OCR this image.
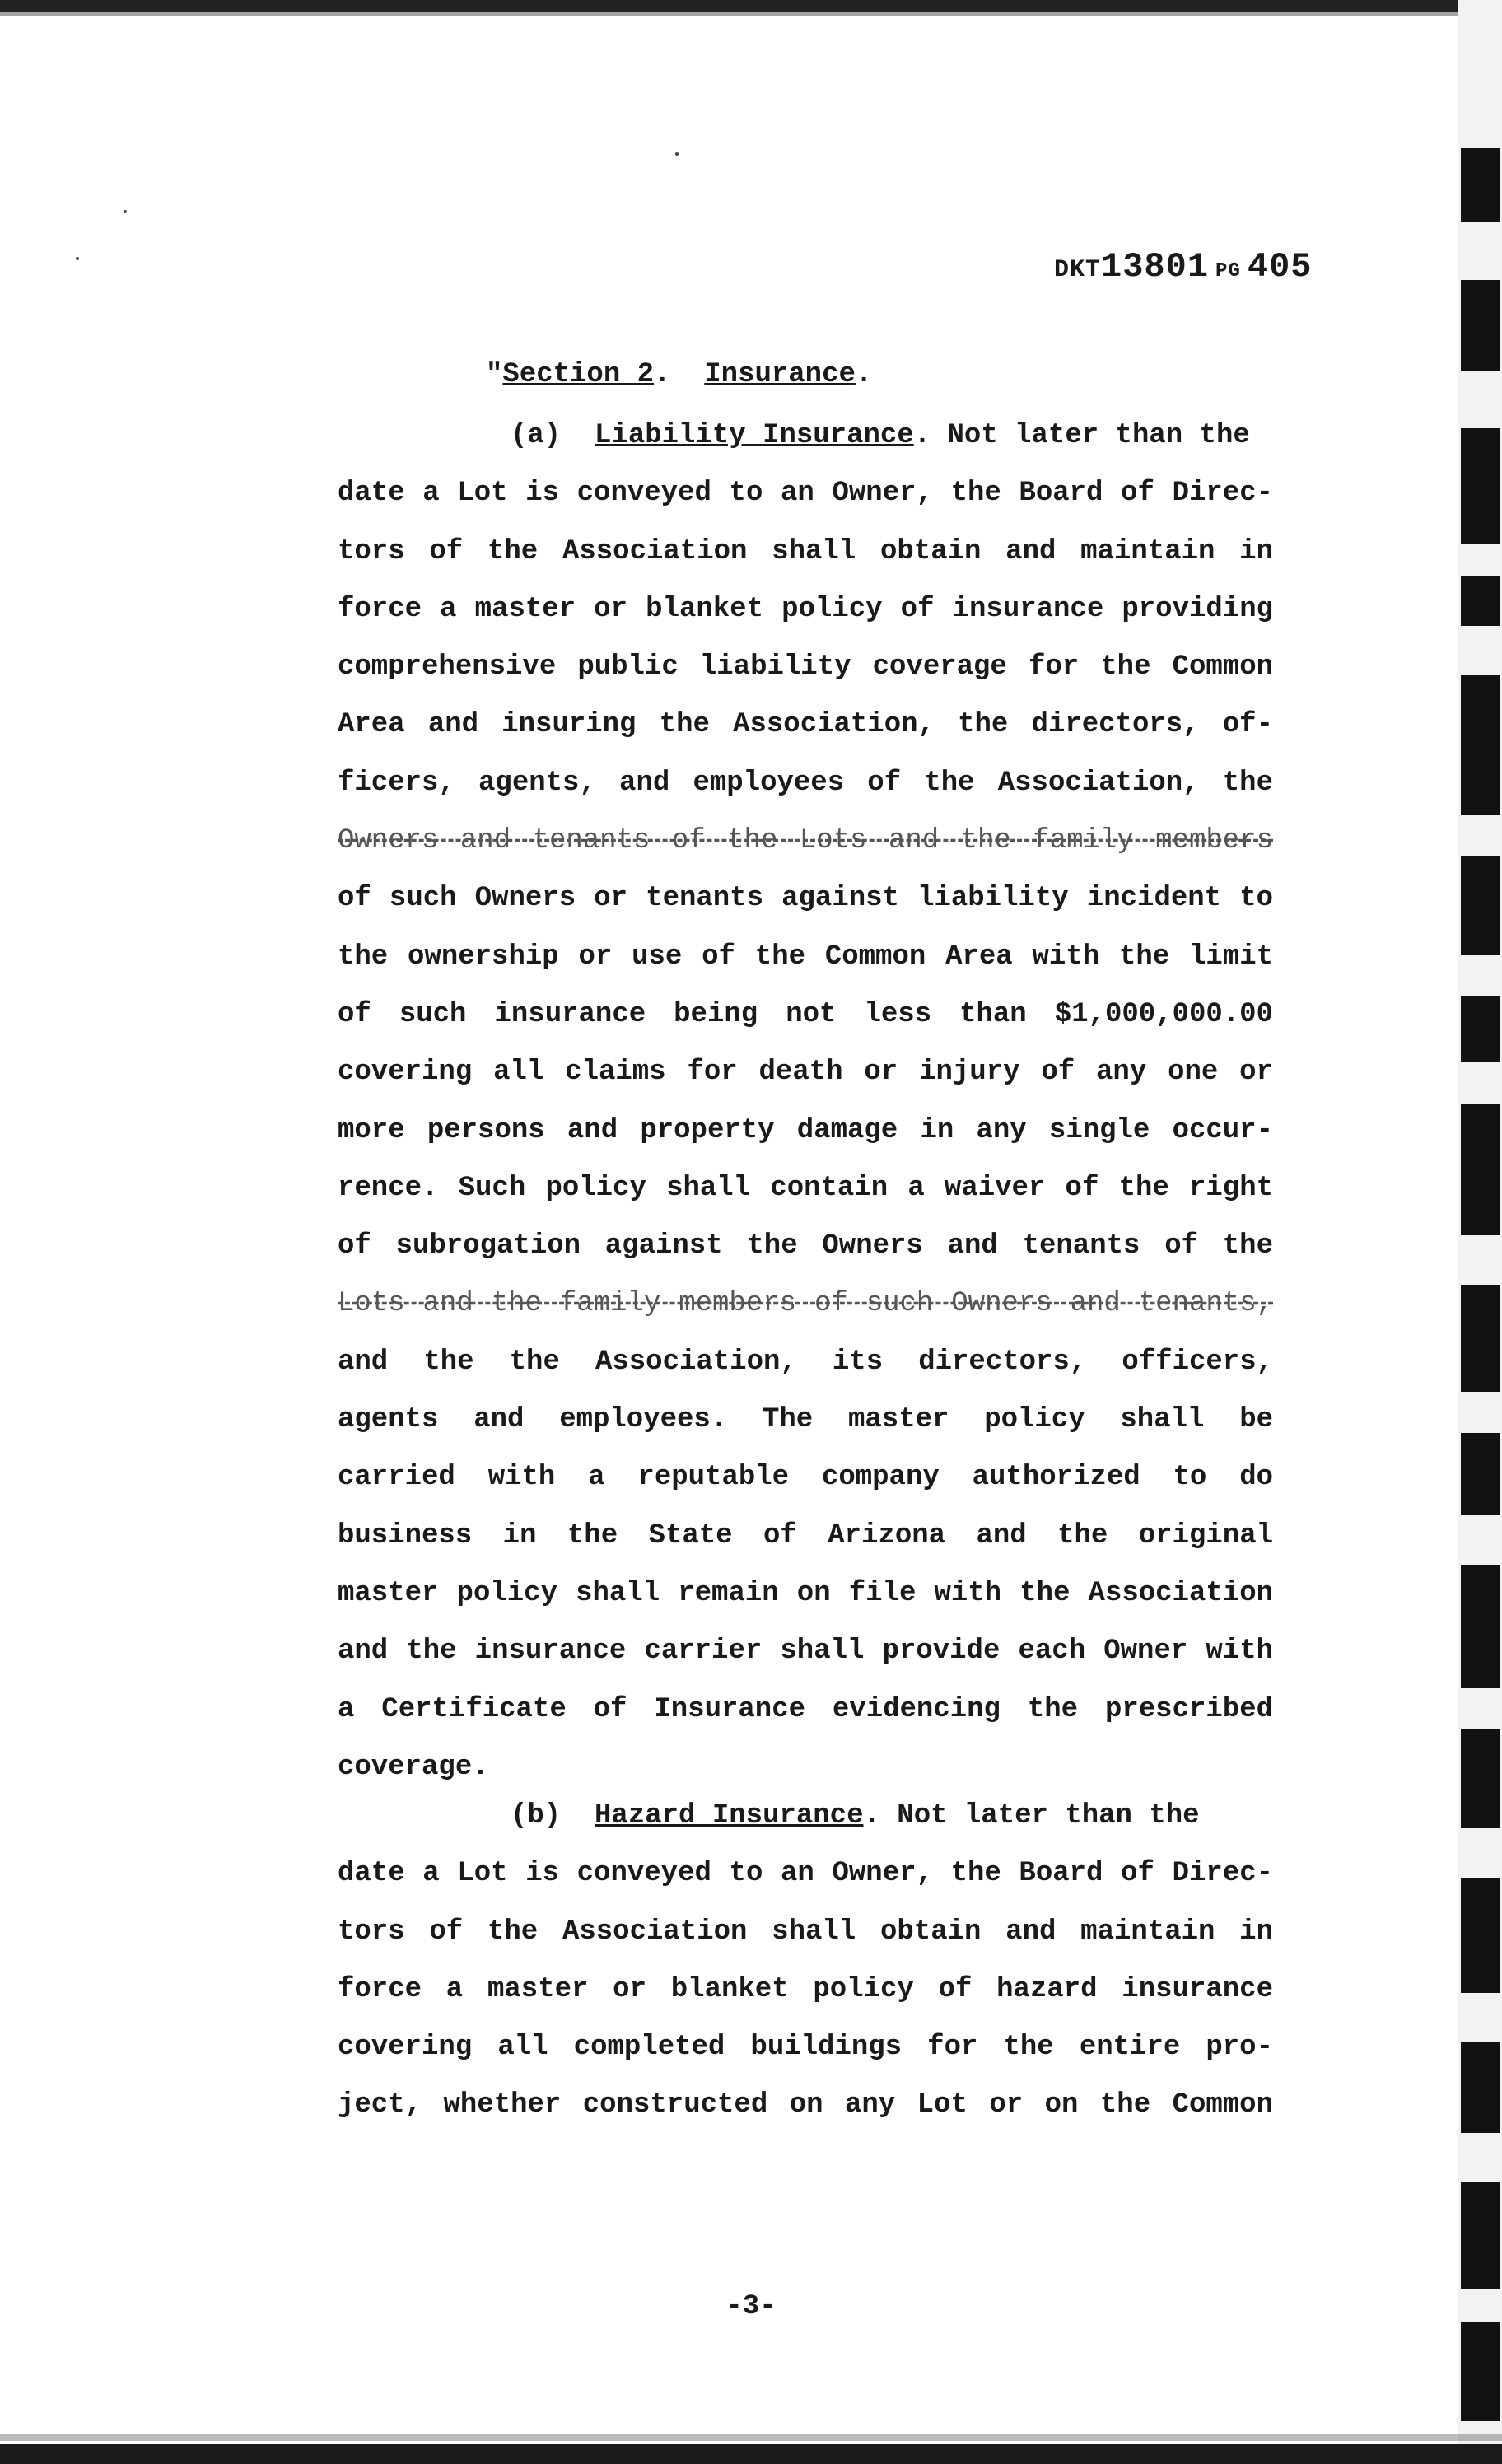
DKT13801 PG 405
"Section 2. Insurance.
(a) Liability Insurance. Not later than the
date a Lot is conveyed to an Owner, the Board of Direc-
tors of the Association shall obtain and maintain in
force a master or blanket policy of insurance providing
comprehensive public liability coverage for the Common
Area and insuring the Association, the directors, of-
ficers, agents, and employees of the Association, the
Owners and tenants of the Lots and the family members
of such Owners or tenants against liability incident to
the ownership or use of the Common Area with the limit
of such insurance being not less than $1,000,000.00
covering all claims for death or injury of any one or
more persons and property damage in any single occur-
rence. Such policy shall contain a waiver of the right
of subrogation against the Owners and tenants of the
Lots and the family members of such Owners and tenants,
and the the Association, its directors, officers,
agents and employees. The master policy shall be
carried with a reputable company authorized to do
business in the State of Arizona and the original
master policy shall remain on file with the Association
and the insurance carrier shall provide each Owner with
a Certificate of Insurance evidencing the prescribed
coverage.
(b) Hazard Insurance. Not later than the
date a Lot is conveyed to an Owner, the Board of Direc-
tors of the Association shall obtain and maintain in
force a master or blanket policy of hazard insurance
covering all completed buildings for the entire pro-
ject, whether constructed on any Lot or on the Common
-3-
